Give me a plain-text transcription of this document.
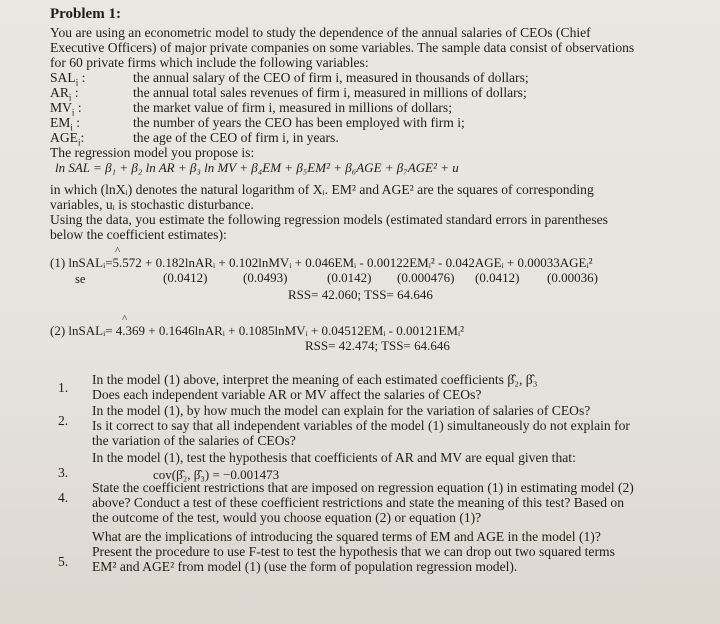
Problem 1:
You are using an econometric model to study the dependence of the annual salaries of CEOs (Chief
Executive Officers) of major private companies on some variables. The sample data consist of observations
for 60 private firms which include the following variables:
$SAL_i$ :	the annual salary of the CEO of firm i, measured in thousands of dollars;
$AR_i$ :	the annual total sales revenues of firm i, measured in millions of dollars;
$MV_i$ :	the market value of firm i, measured in millions of dollars;
$EM_i$ :	the number of years the CEO has been employed with firm i;
$AGE_i$:	the age of the CEO of firm i, in years.
The regression model you propose is:
ln SAL = β₁ + β₂ ln AR + β₃ ln MV + β₄EM + β₅EM² + β₆AGE + β₇AGE² + u
in which (lnXᵢ) denotes the natural logarithm of Xᵢ. EM² and AGE² are the squares of corresponding
variables, uᵢ is stochastic disturbance.
Using the data, you estimate the following regression models (estimated standard errors in parentheses
below the coefficient estimates):
^
(1) lnSALᵢ=5.572 + 0.182lnARᵢ + 0.102lnMVᵢ + 0.046EMᵢ - 0.00122EMᵢ² - 0.042AGEᵢ + 0.00033AGEᵢ²
se	(0.0412)	(0.0493)	(0.0142) (0.000476) (0.0412) (0.00036)
RSS= 42.060; TSS= 64.646
^
(2) lnSALᵢ= 4.369 + 0.1646lnARᵢ + 0.1085lnMVᵢ + 0.04512EMᵢ - 0.00121EMᵢ²
RSS= 42.474; TSS= 64.646
1.
In the model (1) above, interpret the meaning of each estimated coefficients β̂₂, β̂₃
Does each independent variable AR or MV affect the salaries of CEOs?
2.
In the model (1), by how much the model can explain for the variation of salaries of CEOs?
Is it correct to say that all independent variables of the model (1) simultaneously do not explain for
the variation of the salaries of CEOs?
3.
In the model (1), test the hypothesis that coefficients of AR and MV are equal given that:
cov(β̂₂, β̂₃) = −0.001473
4.
State the coefficient restrictions that are imposed on regression equation (1) in estimating model (2)
above? Conduct a test of these coefficient restrictions and state the meaning of this test? Based on
the outcome of the test, would you choose equation (2) or equation (1)?
5.
What are the implications of introducing the squared terms of EM and AGE in the model (1)?
Present the procedure to use F-test to test the hypothesis that we can drop out two squared terms
EM² and AGE² from model (1) (use the form of population regression model).
